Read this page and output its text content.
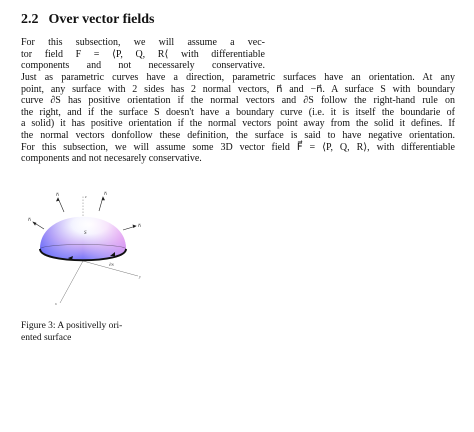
2.2 Over vector fields
For this subsection, we will assume a vec-
tor field F = ⟨P, Q, R⟨ with differentiable
components and not necessarely conservative.
Just as parametric curves have a direction, parametric surfaces have an orientation. At any
point, any surface with 2 sides has 2 normal vectors, n⃗ and −n⃗. A surface S with boundary
curve ∂S has positive orientation if the normal vectors and ∂S follow the right-hand rule on
the right, and if the surface S doesn't have a boundary curve (i.e. it is itself the boundarie of
a solid) it has positive orientation if the normal vectors point away from the solid it defines. If
the normal vectors donfollow these definition, the surface is said to have negative orientation.
For this subsection, we will assume some 3D vector field F⃗ = ⟨P, Q, R⟩, with differentiable
components and not necesarely conservative.
S
n⃗	n⃗
n⃗
n⃗
∂S
z
y
x
Figure 3: A positivelly ori-
ented surface
